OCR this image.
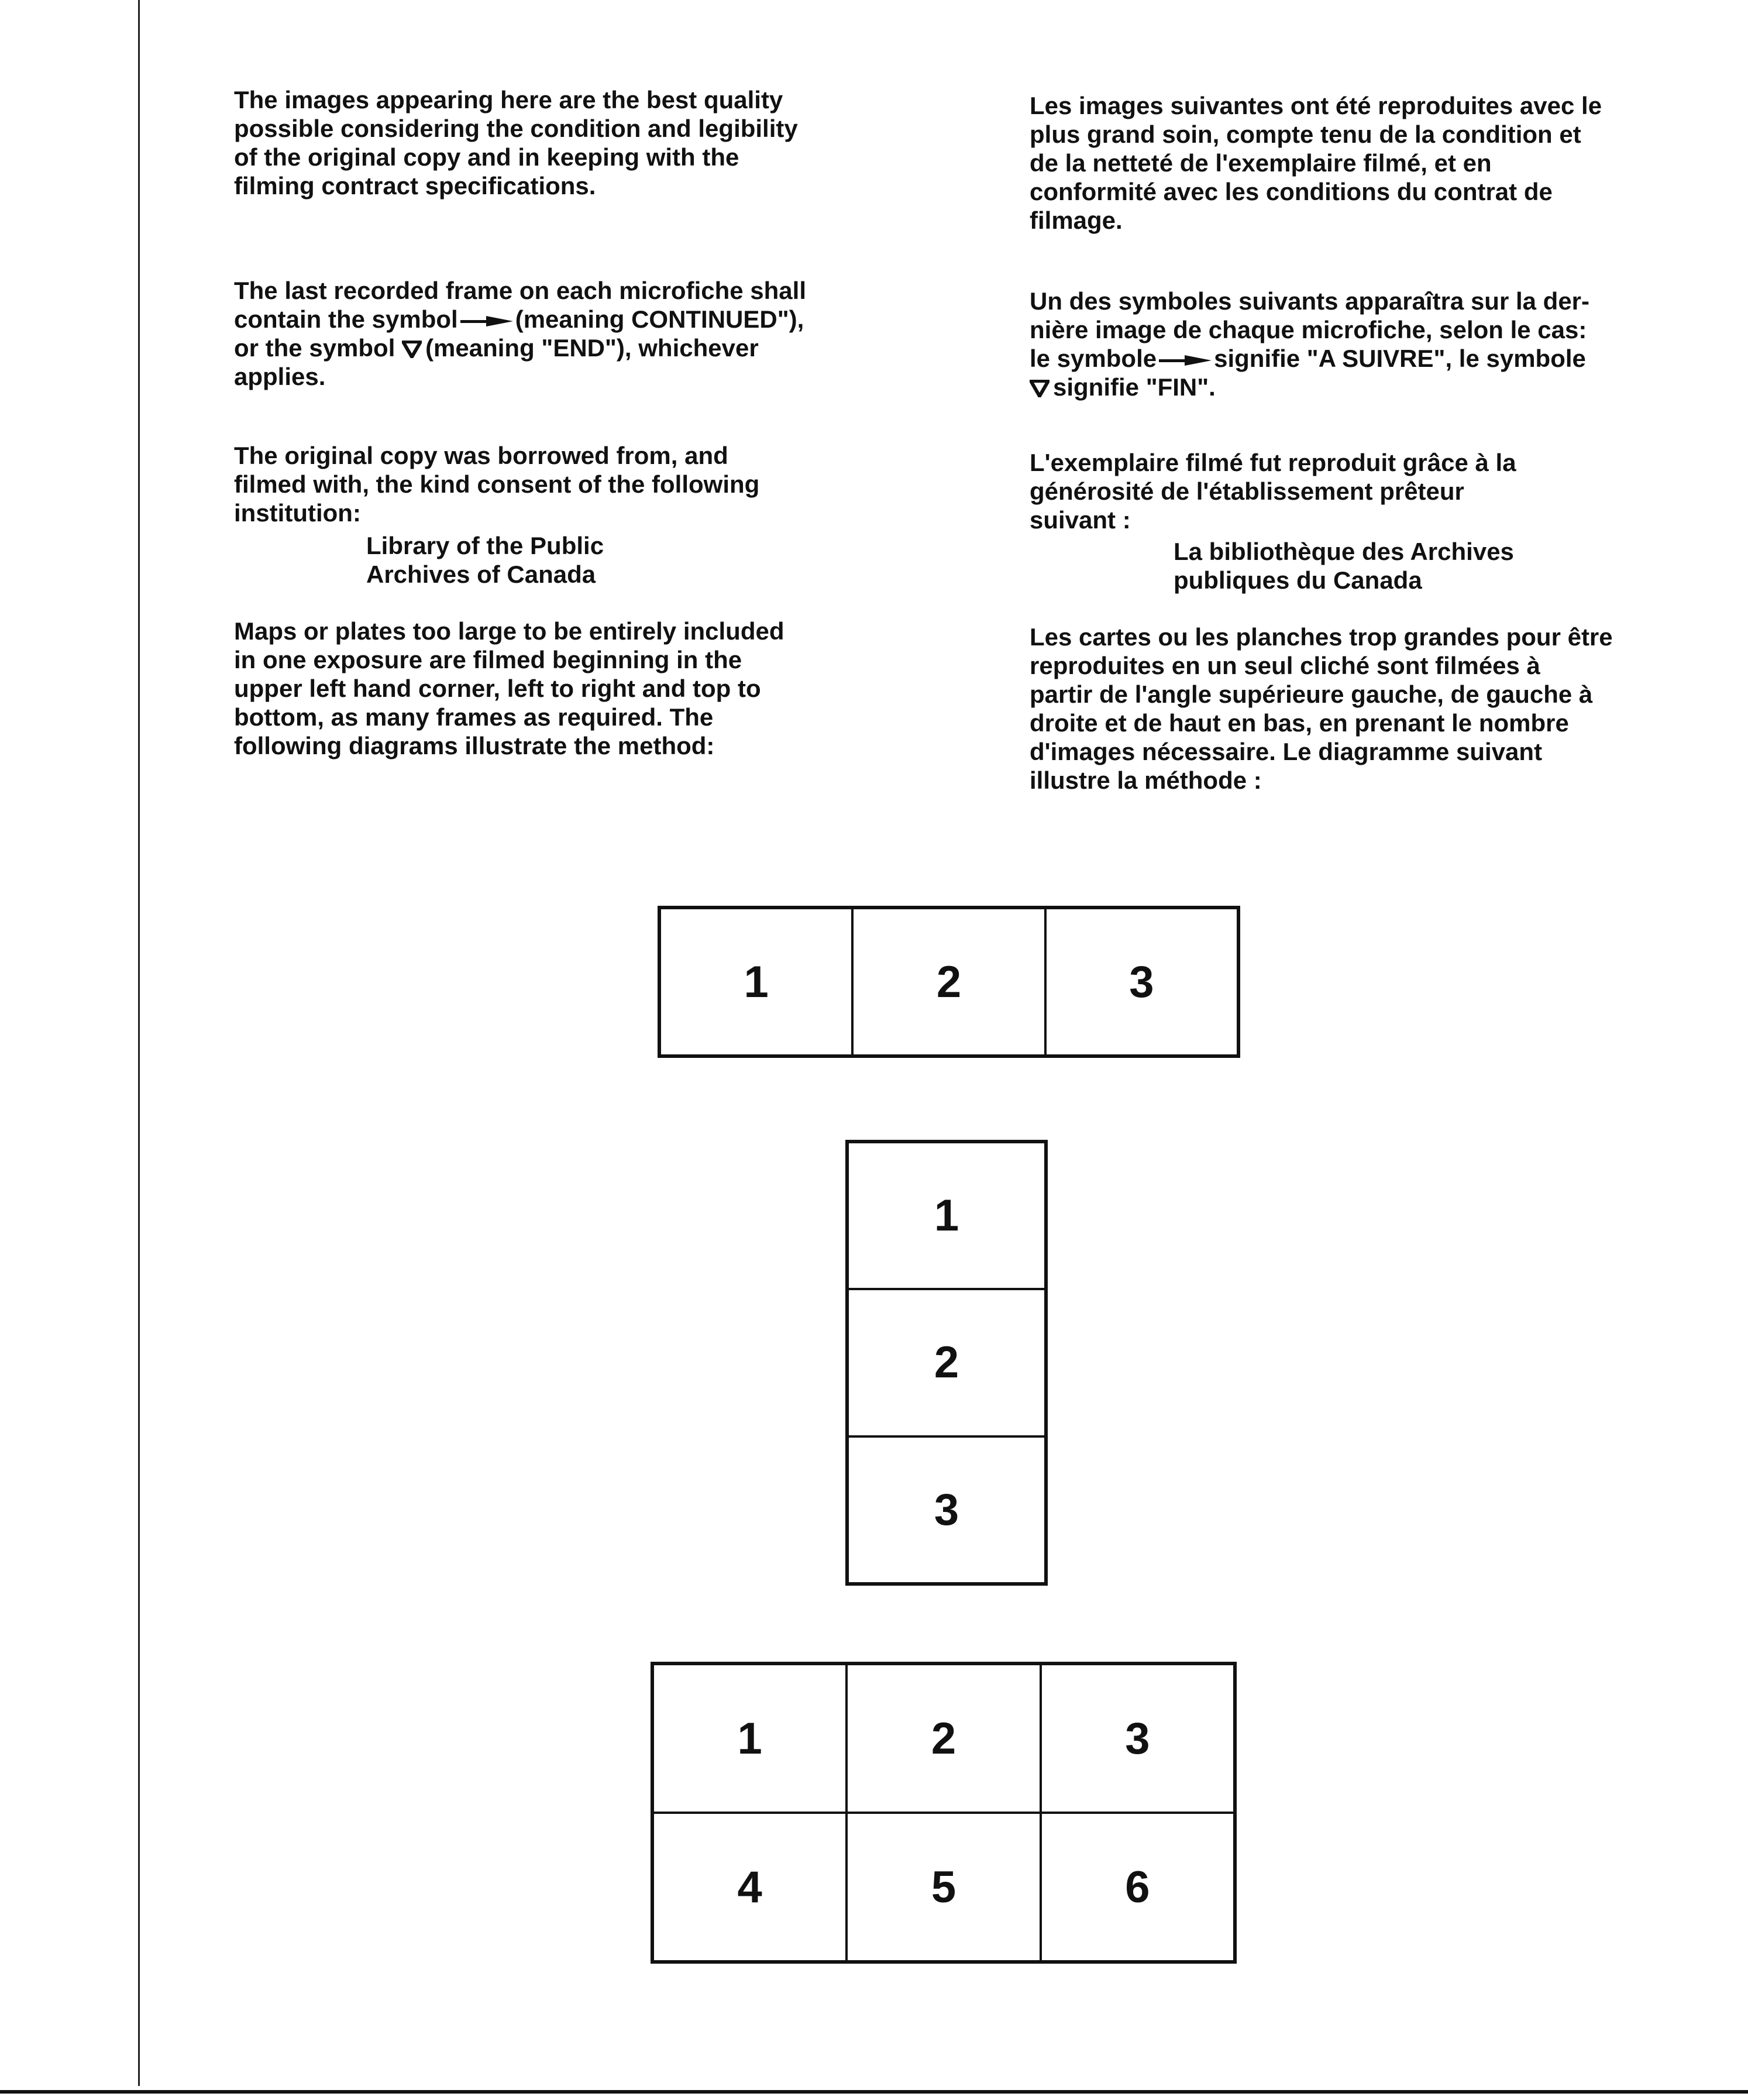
The images appearing here are the best quality
possible considering the condition and legibility
of the original copy and in keeping with the
filming contract specifications.

The last recorded frame on each microfiche shall
contain the symbol (meaning CONTINUED"),
or the symbol (meaning "END"), whichever
applies.

The original copy was borrowed from, and
filmed with, the kind consent of the following
institution:

Library of the Public
Archives of Canada

Maps or plates too large to be entirely included
in one exposure are filmed beginning in the
upper left hand corner, left to right and top to
bottom, as many frames as required. The
following diagrams illustrate the method:

Les images suivantes ont été reproduites avec le
plus grand soin, compte tenu de la condition et
de la netteté de l'exemplaire filmé, et en
conformité avec les conditions du contrat de
filmage.

Un des symboles suivants apparaîtra sur la der-
nière image de chaque microfiche, selon le cas:
le symbole signifie "A SUIVRE", le symbole
signifie "FIN".

L'exemplaire filmé fut reproduit grâce à la
générosité de l'établissement prêteur
suivant :

La bibliothèque des Archives
publiques du Canada

Les cartes ou les planches trop grandes pour être
reproduites en un seul cliché sont filmées à
partir de l'angle supérieure gauche, de gauche à
droite et de haut en bas, en prenant le nombre
d'images nécessaire. Le diagramme suivant
illustre la méthode :

1	2	3
1
2
3
1	2	3
4	5	6
